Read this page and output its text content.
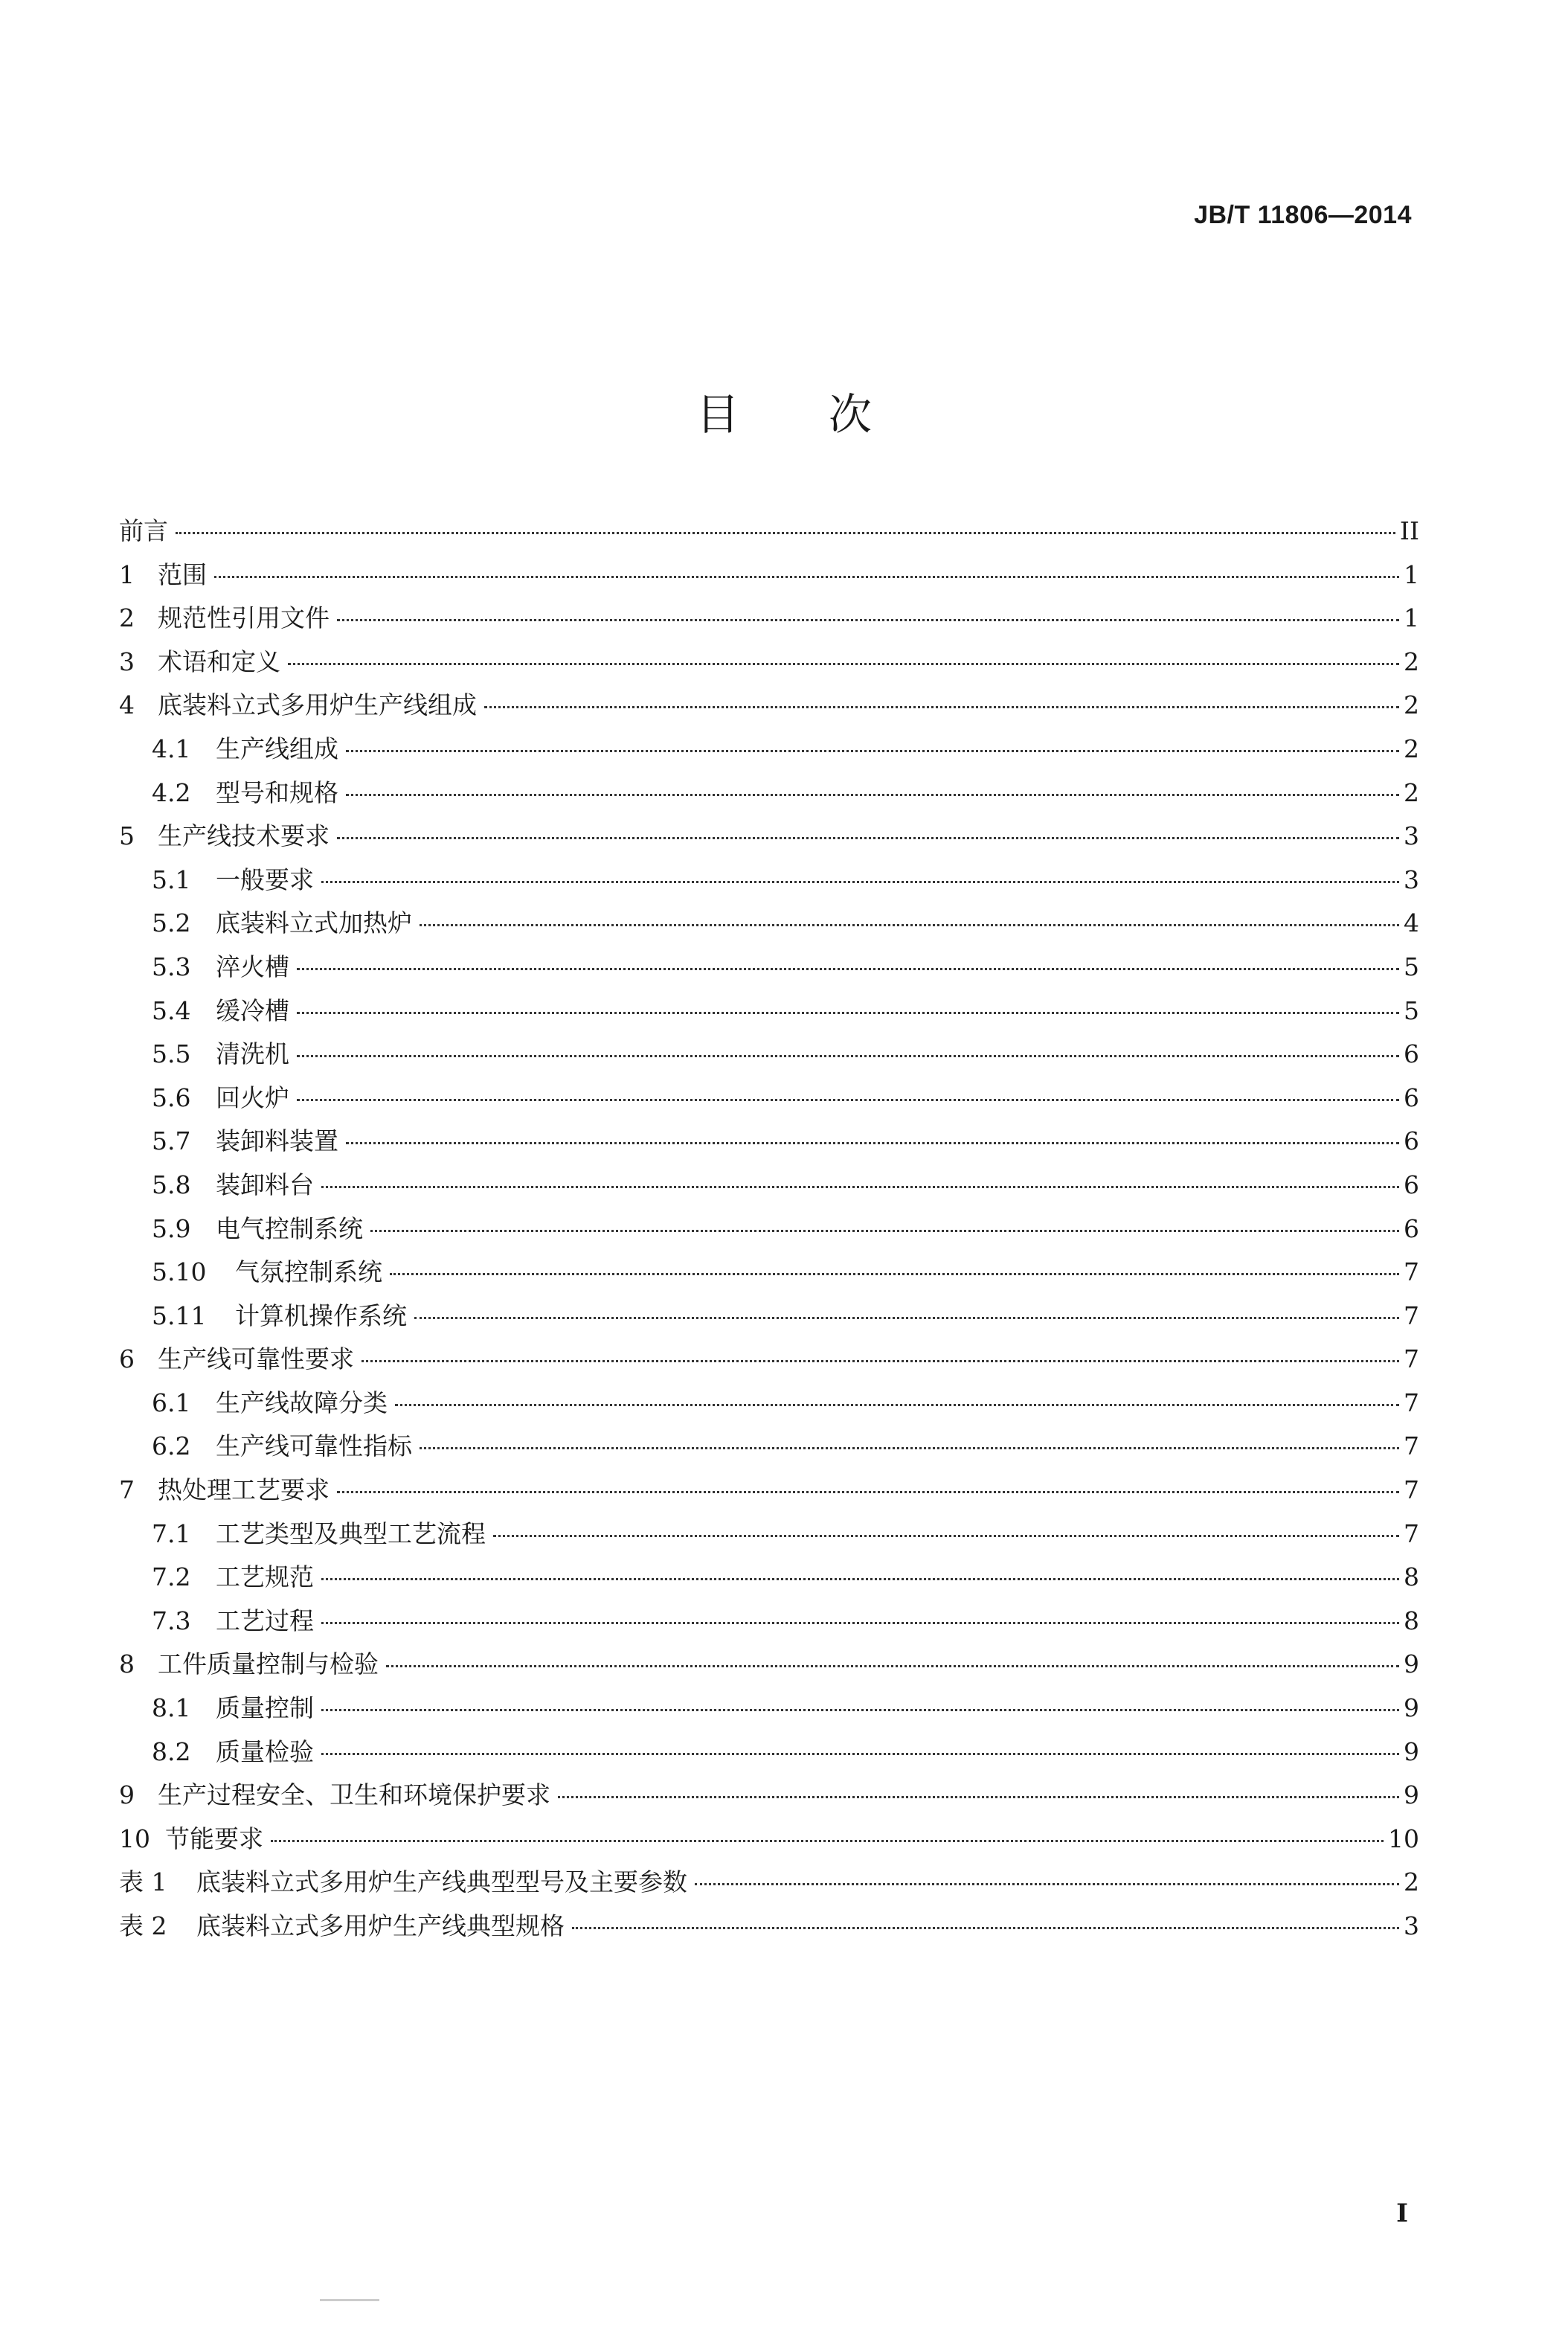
JB/T 11806—2014
目次
前言	II
1 范围	1
2 规范性引用文件	1
3 术语和定义	2
4 底装料立式多用炉生产线组成	2
4.1	生产线组成	2
4.2	型号和规格	2
5 生产线技术要求	3
5.1	一般要求	3
5.2	底装料立式加热炉	4
5.3	淬火槽	5
5.4	缓冷槽	5
5.5	清洗机	6
5.6	回火炉	6
5.7	装卸料装置	6
5.8	装卸料台	6
5.9	电气控制系统	6
5.10	气氛控制系统	7
5.11	计算机操作系统	7
6 生产线可靠性要求	7
6.1	生产线故障分类	7
6.2	生产线可靠性指标	7
7 热处理工艺要求	7
7.1	工艺类型及典型工艺流程	7
7.2	工艺规范	8
7.3	工艺过程	8
8 工件质量控制与检验	9
8.1	质量控制	9
8.2	质量检验	9
9 生产过程安全、卫生和环境保护要求	9
10 节能要求	10
表 1	底装料立式多用炉生产线典型型号及主要参数	2
表 2	底装料立式多用炉生产线典型规格	3
I
